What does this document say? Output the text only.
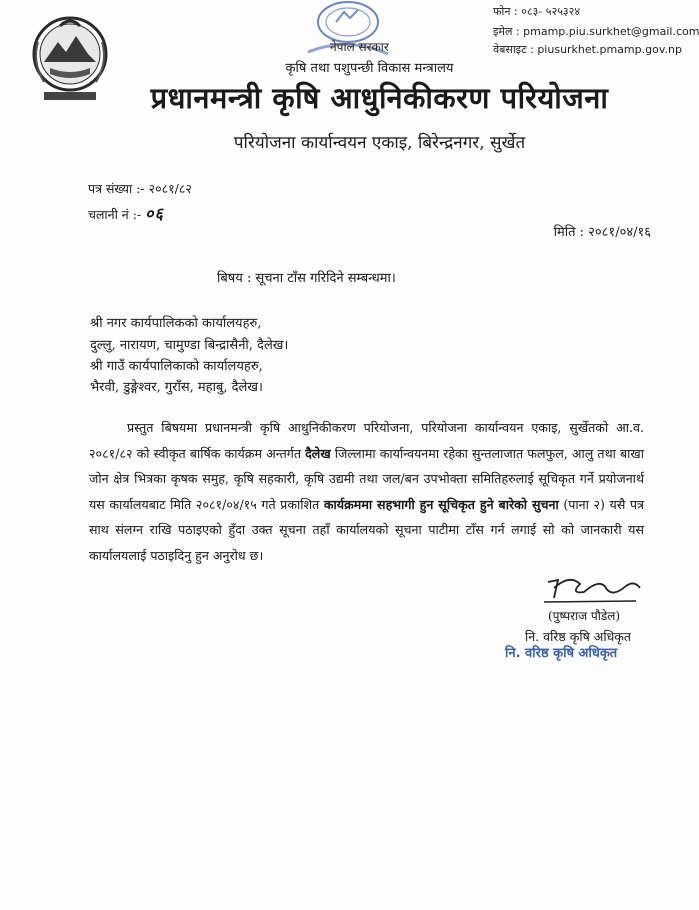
फोन : ०८३- ५२५३२४
इमेल : pmamp.piu.surkhet@gmail.com
वेबसाइट : piusurkhet.pmamp.gov.np
नेपाल सरकार
कृषि तथा पशुपन्छी विकास मन्त्रालय
प्रधानमन्त्री कृषि आधुनिकीकरण परियोजना
परियोजना कार्यान्वयन एकाइ, बिरेन्द्रनगर, सुर्खेत
पत्र संख्या :- २०८१/८२
चलानी नं :- ०६
मिति : २०८१/०४/१६
बिषय : सूचना टाँस गरिदिने सम्बन्धमा।
श्री नगर कार्यपालिकको कार्यालयहरु,
दुल्लु, नारायण, चामुण्डा बिन्द्रासैनी, दैलेख।
श्री गाउँ कार्यपालिकाको कार्यालयहरु,
भैरवी, डुङ्गेश्वर, गुराँस, महाबु, दैलेख।

प्रस्तुत बिषयमा प्रधानमन्त्री कृषि आधुनिकीकरण परियोजना, परियोजना कार्यान्वयन एकाइ, सुर्खेतको आ.व. २०८१/८२ को स्वीकृत बार्षिक कार्यक्रम अन्तर्गत दैलेख जिल्लामा कार्यान्वयनमा रहेका सुन्तलाजात फलफुल, आलु तथा बाखा जोन क्षेत्र भित्रका कृषक समुह, कृषि सहकारी, कृषि उद्यमी तथा जल/बन उपभोक्ता समितिहरुलाई सूचिकृत गर्ने प्रयोजनार्थ यस कार्यालयबाट मिति २०८१/०४/१५ गते प्रकाशित कार्यक्रममा सहभागी हुन सूचिकृत हुने बारेको सुचना (पाना २) यसै पत्र साथ संलग्न राखि पठाइएको हुँदा उक्त सूचना तहाँ कार्यालयको सूचना पाटीमा टाँस गर्न लगाई सो को जानकारी यस कार्यालयलाई पठाइदिनु हुन अनुरोध छ।

(पुष्पराज पौडेल)
नि. वरिष्ठ कृषि अधिकृत
नि. वरिष्ठ कृषि अधिकृत
